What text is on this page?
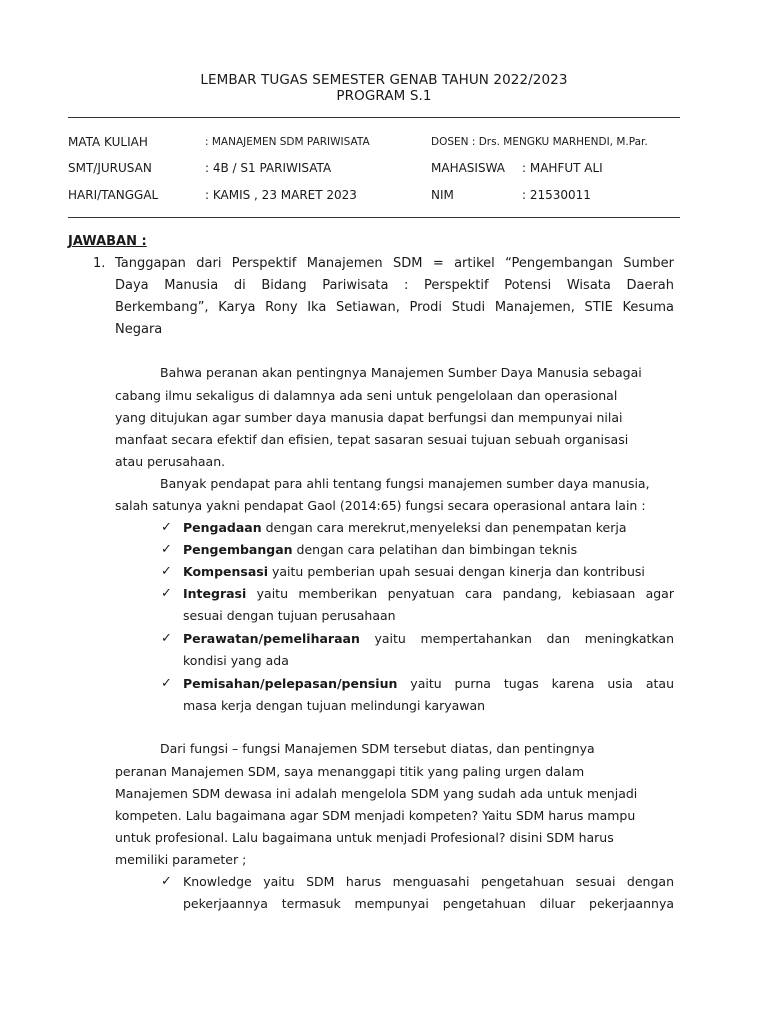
LEMBAR TUGAS SEMESTER GENAB TAHUN 2022/2023
PROGRAM S.1
MATA KULIAH	: MANAJEMEN SDM PARIWISATA	DOSEN : Drs. MENGKU MARHENDI, M.Par.
SMT/JURUSAN	: 4B / S1 PARIWISATA	MAHASISWA : MAHFUT ALI
HARI/TANGGAL	: KAMIS , 23 MARET 2023	NIM	: 21530011
JAWABAN :
1. Tanggapan dari Perspektif Manajemen SDM = artikel “Pengembangan Sumber
Daya Manusia di Bidang Pariwisata : Perspektif Potensi Wisata Daerah
Berkembang”, Karya Rony Ika Setiawan, Prodi Studi Manajemen, STIE Kesuma
Negara
Bahwa peranan akan pentingnya Manajemen Sumber Daya Manusia sebagai
cabang ilmu sekaligus di dalamnya ada seni untuk pengelolaan dan operasional
yang ditujukan agar sumber daya manusia dapat berfungsi dan mempunyai nilai
manfaat secara efektif dan efisien, tepat sasaran sesuai tujuan sebuah organisasi
atau perusahaan.
Banyak pendapat para ahli tentang fungsi manajemen sumber daya manusia,
salah satunya yakni pendapat Gaol (2014:65) fungsi secara operasional antara lain :
✓ Pengadaan dengan cara merekrut,menyeleksi dan penempatan kerja
✓ Pengembangan dengan cara pelatihan dan bimbingan teknis
✓ Kompensasi yaitu pemberian upah sesuai dengan kinerja dan kontribusi
✓ Integrasi yaitu memberikan penyatuan cara pandang, kebiasaan agar
sesuai dengan tujuan perusahaan
✓ Perawatan/pemeliharaan yaitu mempertahankan dan meningkatkan
kondisi yang ada
✓ Pemisahan/pelepasan/pensiun yaitu purna tugas karena usia atau
masa kerja dengan tujuan melindungi karyawan
Dari fungsi – fungsi Manajemen SDM tersebut diatas, dan pentingnya
peranan Manajemen SDM, saya menanggapi titik yang paling urgen dalam
Manajemen SDM dewasa ini adalah mengelola SDM yang sudah ada untuk menjadi
kompeten. Lalu bagaimana agar SDM menjadi kompeten? Yaitu SDM harus mampu
untuk profesional. Lalu bagaimana untuk menjadi Profesional? disini SDM harus
memiliki parameter ;
✓ Knowledge yaitu SDM harus menguasahi pengetahuan sesuai dengan
pekerjaannya termasuk mempunyai pengetahuan diluar pekerjaannya
